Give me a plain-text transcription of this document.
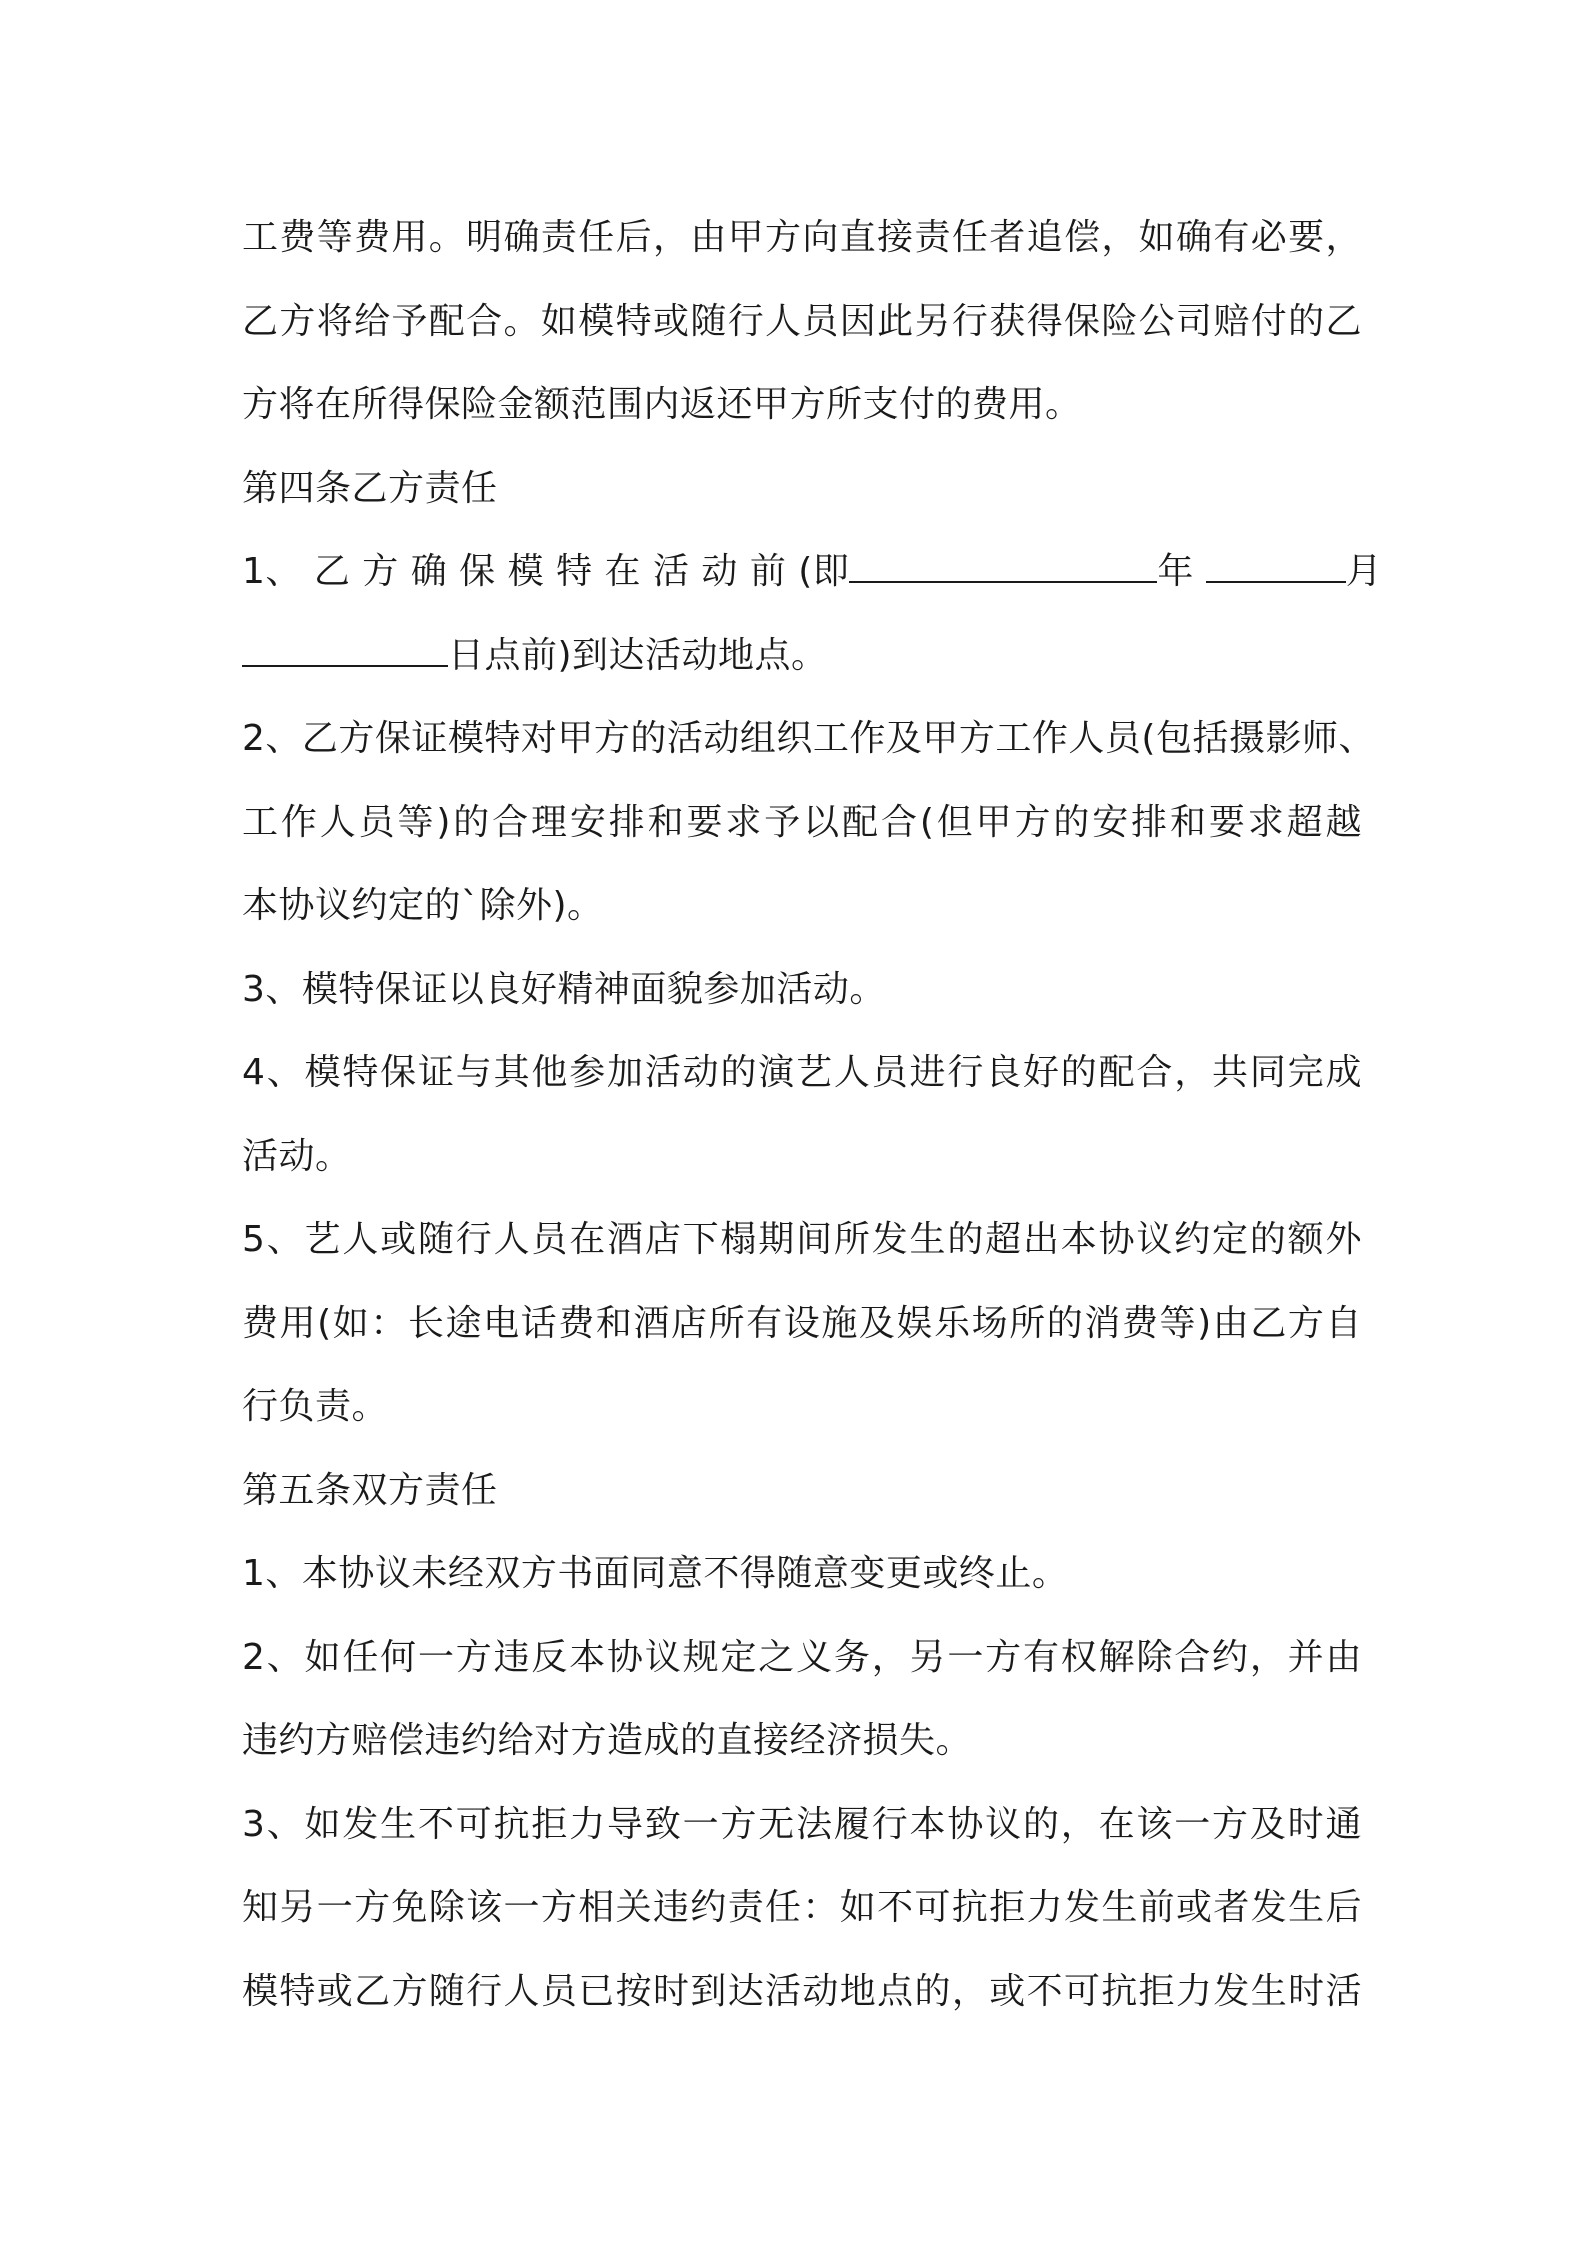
工费等费用。明确责任后，由甲方向直接责任者追偿，如确有必要，
乙方将给予配合。如模特或随行人员因此另行获得保险公司赔付的乙
方将在所得保险金额范围内返还甲方所支付的费用。
第四条乙方责任
1、 乙 方 确 保 模 特 在 活 动 前 (即	年	月
日点前)到达活动地点。
2、乙方保证模特对甲方的活动组织工作及甲方工作人员(包括摄影师、
工作人员等)的合理安排和要求予以配合(但甲方的安排和要求超越
本协议约定的`除外)。
3、模特保证以良好精神面貌参加活动。
4、模特保证与其他参加活动的演艺人员进行良好的配合，共同完成
活动。
5、艺人或随行人员在酒店下榻期间所发生的超出本协议约定的额外
费用(如：长途电话费和酒店所有设施及娱乐场所的消费等)由乙方自
行负责。
第五条双方责任
1、本协议未经双方书面同意不得随意变更或终止。
2、如任何一方违反本协议规定之义务，另一方有权解除合约，并由
违约方赔偿违约给对方造成的直接经济损失。
3、如发生不可抗拒力导致一方无法履行本协议的，在该一方及时通
知另一方免除该一方相关违约责任：如不可抗拒力发生前或者发生后
模特或乙方随行人员已按时到达活动地点的，或不可抗拒力发生时活
